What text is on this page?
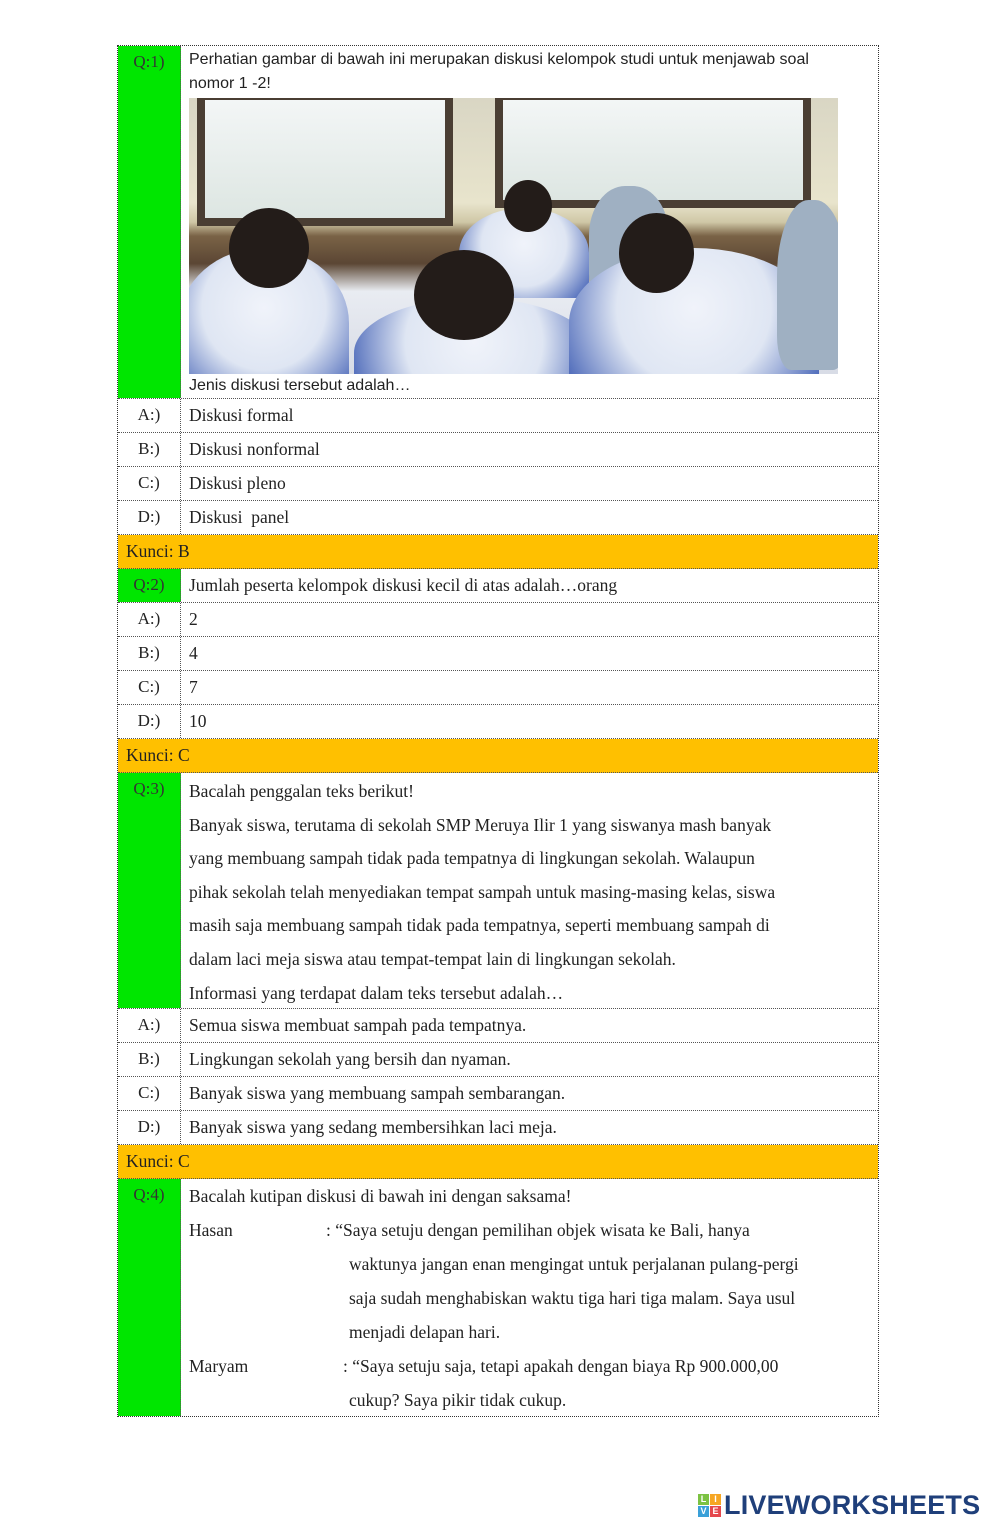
Q:1)	Perhatian gambar di bawah ini merupakan diskusi kelompok studi untuk menjawab soal nomor 1 -2!
Jenis diskusi tersebut adalah…
A:)	Diskusi formal
B:)	Diskusi nonformal
C:)	Diskusi pleno
D:)	Diskusi  panel
Kunci: B
Q:2)	Jumlah peserta kelompok diskusi kecil di atas adalah…orang
A:)	2
B:)	4
C:)	7
D:)	10
Kunci: C
Q:3)	Bacalah penggalan teks berikut!
Banyak siswa, terutama di sekolah SMP Meruya Ilir 1 yang siswanya mash banyak
yang membuang sampah tidak pada tempatnya di lingkungan sekolah. Walaupun
pihak sekolah telah menyediakan tempat sampah untuk masing-masing kelas, siswa
masih saja membuang sampah tidak pada tempatnya, seperti membuang sampah di
dalam laci meja siswa atau tempat-tempat lain di lingkungan sekolah.
Informasi yang terdapat dalam teks tersebut adalah…
A:)	Semua siswa membuat sampah pada tempatnya.
B:)	Lingkungan sekolah yang bersih dan nyaman.
C:)	Banyak siswa yang membuang sampah sembarangan.
D:)	Banyak siswa yang sedang membersihkan laci meja.
Kunci: C
Q:4)	Bacalah kutipan diskusi di bawah ini dengan saksama!
Hasan	: “Saya setuju dengan pemilihan objek wisata ke Bali, hanya
waktunya jangan enan mengingat untuk perjalanan pulang-pergi
saja sudah menghabiskan waktu tiga hari tiga malam. Saya usul
menjadi delapan hari.
Maryam	: “Saya setuju saja, tetapi apakah dengan biaya Rp 900.000,00
cukup? Saya pikir tidak cukup.
L I
V E LIVEWORKSHEETS
